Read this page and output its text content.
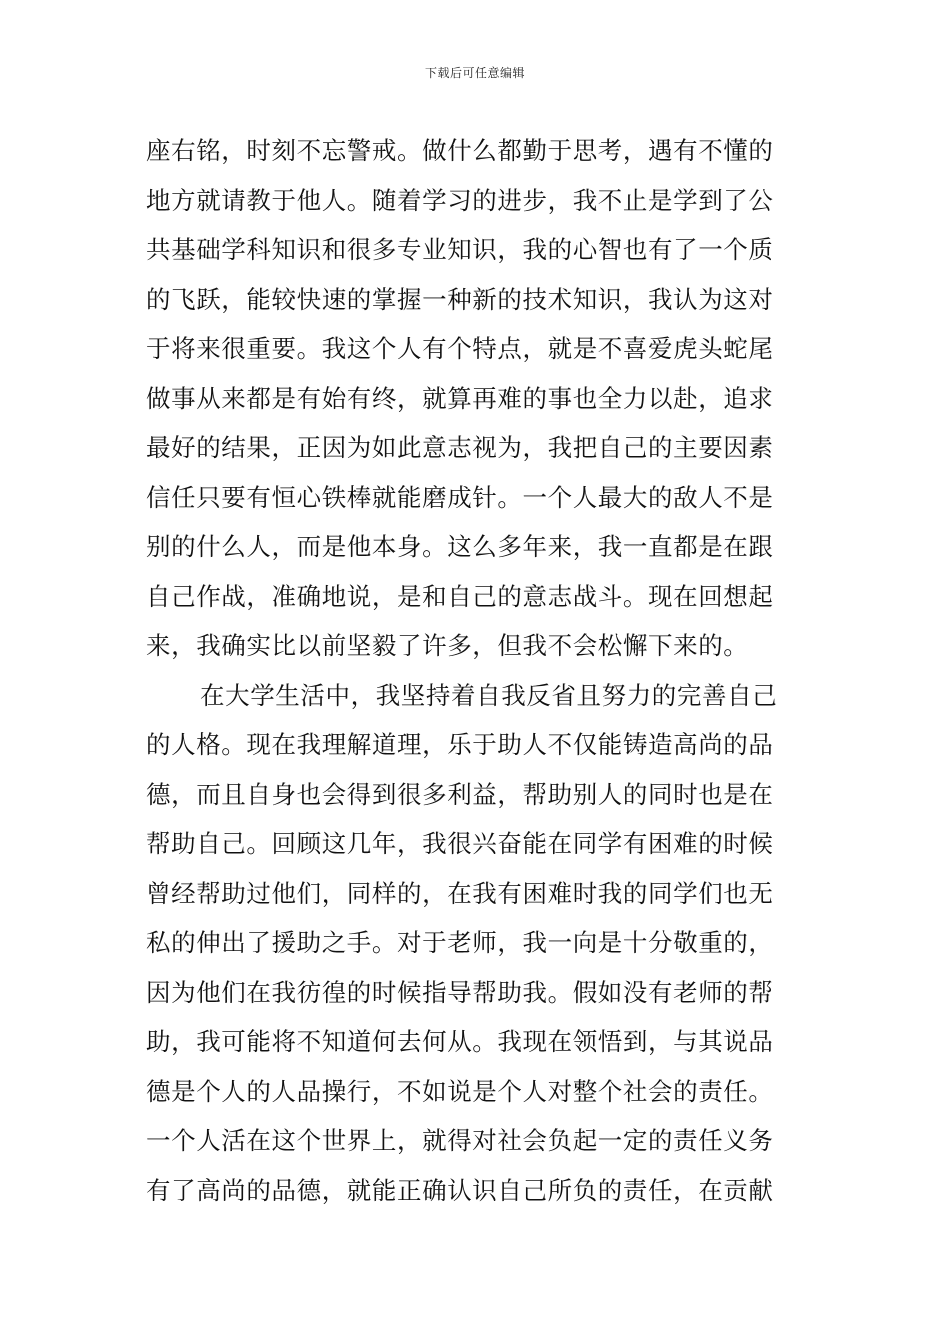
下载后可任意编辑
座右铭，时刻不忘警戒。做什么都勤于思考，遇有不懂的
地方就请教于他人。随着学习的进步，我不止是学到了公
共基础学科知识和很多专业知识，我的心智也有了一个质
的飞跃，能较快速的掌握一种新的技术知识，我认为这对
于将来很重要。我这个人有个特点，就是不喜爱虎头蛇尾
做事从来都是有始有终，就算再难的事也全力以赴，追求
最好的结果，正因为如此意志视为，我把自己的主要因素
信任只要有恒心铁棒就能磨成针。一个人最大的敌人不是
别的什么人，而是他本身。这么多年来，我一直都是在跟
自己作战，准确地说，是和自己的意志战斗。现在回想起
来，我确实比以前坚毅了许多，但我不会松懈下来的。
在大学生活中，我坚持着自我反省且努力的完善自己
的人格。现在我理解道理，乐于助人不仅能铸造高尚的品
德，而且自身也会得到很多利益，帮助别人的同时也是在
帮助自己。回顾这几年，我很兴奋能在同学有困难的时候
曾经帮助过他们，同样的，在我有困难时我的同学们也无
私的伸出了援助之手。对于老师，我一向是十分敬重的，
因为他们在我彷徨的时候指导帮助我。假如没有老师的帮
助，我可能将不知道何去何从。我现在领悟到，与其说品
德是个人的人品操行，不如说是个人对整个社会的责任。
一个人活在这个世界上，就得对社会负起一定的责任义务
有了高尚的品德，就能正确认识自己所负的责任，在贡献
